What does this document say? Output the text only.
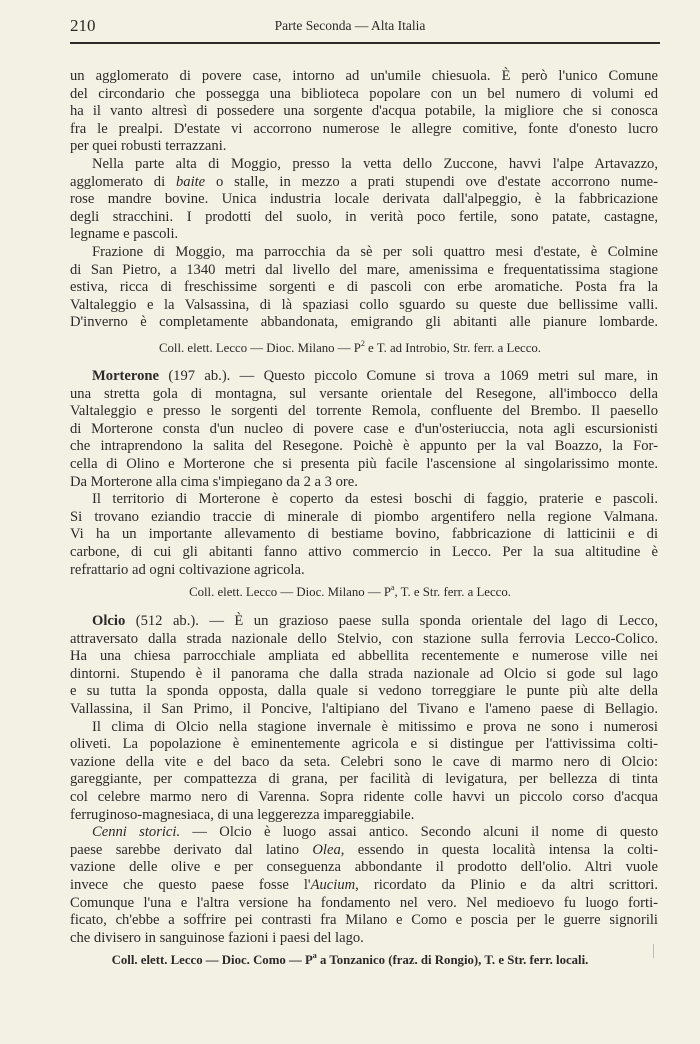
210	Parte Seconda — Alta Italia
un agglomerato di povere case, intorno ad un'umile chiesuola. È però l'unico Comune
del circondario che possegga una biblioteca popolare con un bel numero di volumi ed
ha il vanto altresì di possedere una sorgente d'acqua potabile, la migliore che si conosca
fra le prealpi. D'estate vi accorrono numerose le allegre comitive, fonte d'onesto lucro
per quei robusti terrazzani.
Nella parte alta di Moggio, presso la vetta dello Zuccone, havvi l'alpe Artavazzo,
agglomerato di baite o stalle, in mezzo a prati stupendi ove d'estate accorrono nume-
rose mandre bovine. Unica industria locale derivata dall'alpeggio, è la fabbricazione
degli stracchini. I prodotti del suolo, in verità poco fertile, sono patate, castagne,
legname e pascoli.
Frazione di Moggio, ma parrocchia da sè per soli quattro mesi d'estate, è Colmine
di San Pietro, a 1340 metri dal livello del mare, amenissima e frequentatissima stagione
estiva, ricca di freschissime sorgenti e di pascoli con erbe aromatiche. Posta fra la
Valtaleggio e la Valsassina, di là spaziasi collo sguardo su queste due bellissime valli.
D'inverno è completamente abbandonata, emigrando gli abitanti alle pianure lombarde.
Coll. elett. Lecco — Dioc. Milano — $P^2$ e T. ad Introbio, Str. ferr. a Lecco.
Morterone (197 ab.). — Questo piccolo Comune si trova a 1069 metri sul mare, in
una stretta gola di montagna, sul versante orientale del Resegone, all'imbocco della
Valtaleggio e presso le sorgenti del torrente Remola, confluente del Brembo. Il paesello
di Morterone consta d'un nucleo di povere case e d'un'osteriuccia, nota agli escursionisti
che intraprendono la salita del Resegone. Poichè è appunto per la val Boazzo, la For-
cella di Olino e Morterone che si presenta più facile l'ascensione al singolarissimo monte.
Da Morterone alla cima s'impiegano da 2 a 3 ore.
Il territorio di Morterone è coperto da estesi boschi di faggio, praterie e pascoli.
Si trovano eziandio traccie di minerale di piombo argentifero nella regione Valmana.
Vi ha un importante allevamento di bestiame bovino, fabbricazione di latticinii e di
carbone, di cui gli abitanti fanno attivo commercio in Lecco. Per la sua altitudine è
refrattario ad ogni coltivazione agricola.
Coll. elett. Lecco — Dioc. Milano — $P^a$, T. e Str. ferr. a Lecco.
Olcio (512 ab.). — È un grazioso paese sulla sponda orientale del lago di Lecco,
attraversato dalla strada nazionale dello Stelvio, con stazione sulla ferrovia Lecco-Colico.
Ha una chiesa parrocchiale ampliata ed abbellita recentemente e numerose ville nei
dintorni. Stupendo è il panorama che dalla strada nazionale ad Olcio si gode sul lago
e su tutta la sponda opposta, dalla quale si vedono torreggiare le punte più alte della
Vallassina, il San Primo, il Poncive, l'altipiano del Tivano e l'ameno paese di Bellagio.
Il clima di Olcio nella stagione invernale è mitissimo e prova ne sono i numerosi
oliveti. La popolazione è eminentemente agricola e si distingue per l'attivissima colti-
vazione della vite e del baco da seta. Celebri sono le cave di marmo nero di Olcio:
gareggiante, per compattezza di grana, per facilità di levigatura, per bellezza di tinta
col celebre marmo nero di Varenna. Sopra ridente colle havvi un piccolo corso d'acqua
ferruginoso-magnesiaca, di una leggerezza impareggiabile.
Cenni storici. — Olcio è luogo assai antico. Secondo alcuni il nome di questo
paese sarebbe derivato dal latino Olea, essendo in questa località intensa la colti-
vazione delle olive e per conseguenza abbondante il prodotto dell'olio. Altri vuole
invece che questo paese fosse l'Aucium, ricordato da Plinio e da altri scrittori.
Comunque l'una e l'altra versione ha fondamento nel vero. Nel medioevo fu luogo forti-
ficato, ch'ebbe a soffrire pei contrasti fra Milano e Como e poscia per le guerre signorili
che divisero in sanguinose fazioni i paesi del lago.
Coll. elett. Lecco — Dioc. Como — $P^a$ a Tonzanico (fraz. di Rongio), T. e Str. ferr. locali.
